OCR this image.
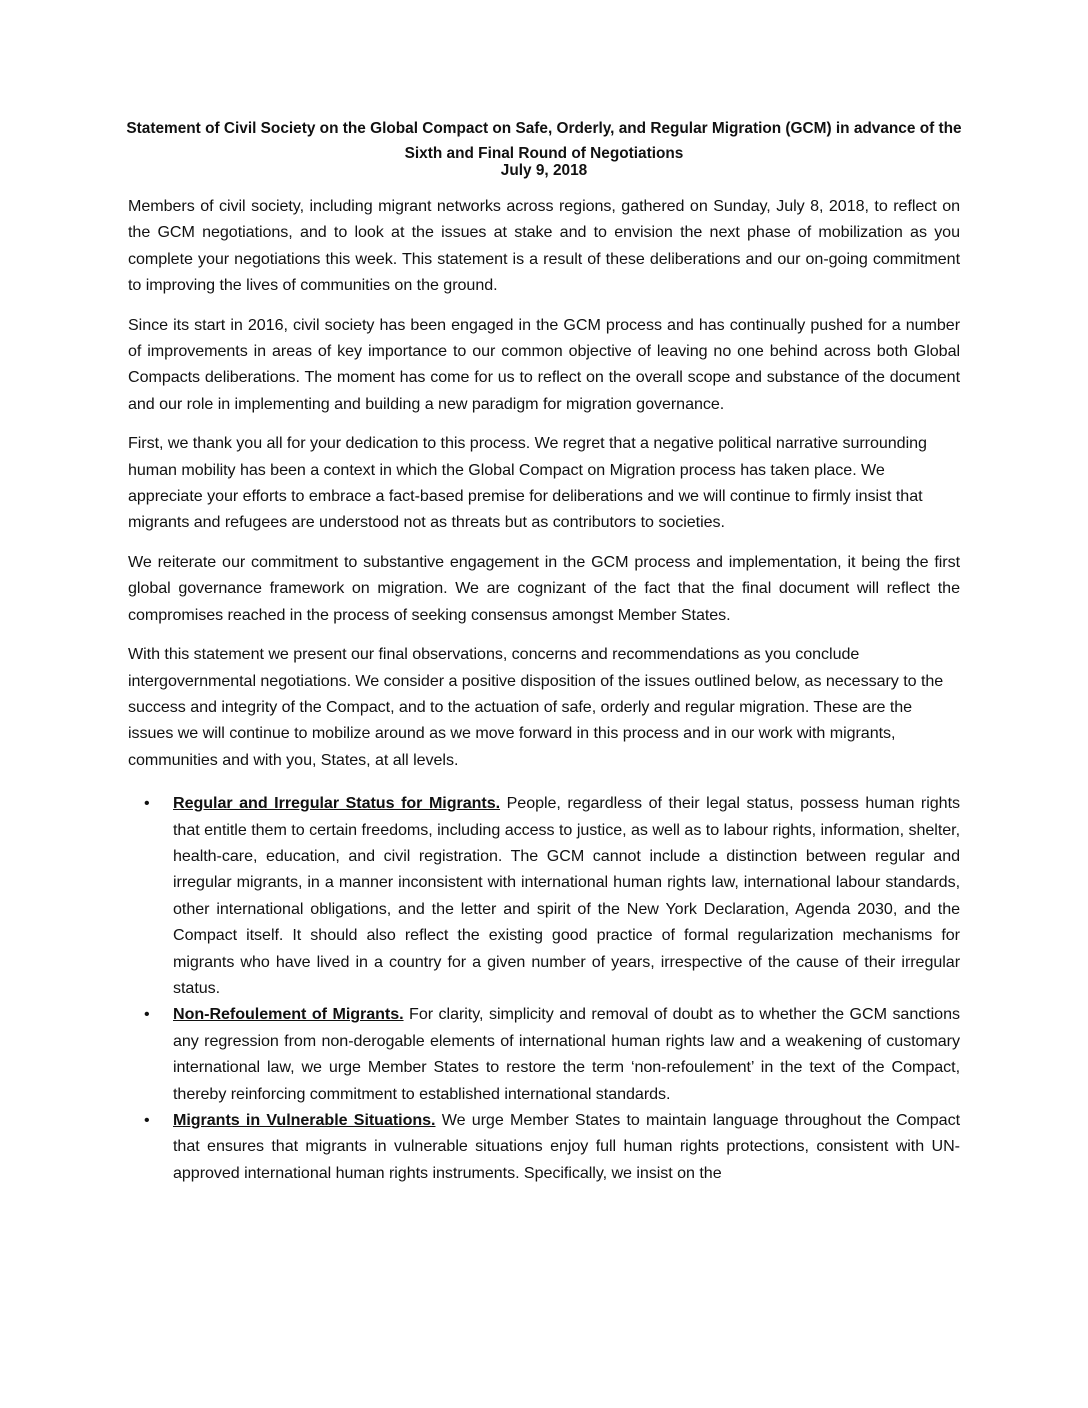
Statement of Civil Society on the Global Compact on Safe, Orderly, and Regular Migration (GCM) in advance of the Sixth and Final Round of Negotiations
July 9, 2018

Members of civil society, including migrant networks across regions, gathered on Sunday, July 8, 2018, to reflect on the GCM negotiations, and to look at the issues at stake and to envision the next phase of mobilization as you complete your negotiations this week. This statement is a result of these deliberations and our on-going commitment to improving the lives of communities on the ground.

Since its start in 2016, civil society has been engaged in the GCM process and has continually pushed for a number of improvements in areas of key importance to our common objective of leaving no one behind across both Global Compacts deliberations. The moment has come for us to reflect on the overall scope and substance of the document and our role in implementing and building a new paradigm for migration governance.

First, we thank you all for your dedication to this process. We regret that a negative political narrative surrounding human mobility has been a context in which the Global Compact on Migration process has taken place. We appreciate your efforts to embrace a fact-based premise for deliberations and we will continue to firmly insist that migrants and refugees are understood not as threats but as contributors to societies.

We reiterate our commitment to substantive engagement in the GCM process and implementation, it being the first global governance framework on migration. We are cognizant of the fact that the final document will reflect the compromises reached in the process of seeking consensus amongst Member States.

With this statement we present our final observations, concerns and recommendations as you conclude intergovernmental negotiations. We consider a positive disposition of the issues outlined below, as necessary to the success and integrity of the Compact, and to the actuation of safe, orderly and regular migration. These are the issues we will continue to mobilize around as we move forward in this process and in our work with migrants, communities and with you, States, at all levels.

• Regular and Irregular Status for Migrants. People, regardless of their legal status, possess human rights that entitle them to certain freedoms, including access to justice, as well as to labour rights, information, shelter, health-care, education, and civil registration. The GCM cannot include a distinction between regular and irregular migrants, in a manner inconsistent with international human rights law, international labour standards, other international obligations, and the letter and spirit of the New York Declaration, Agenda 2030, and the Compact itself. It should also reflect the existing good practice of formal regularization mechanisms for migrants who have lived in a country for a given number of years, irrespective of the cause of their irregular status.
• Non-Refoulement of Migrants. For clarity, simplicity and removal of doubt as to whether the GCM sanctions any regression from non-derogable elements of international human rights law and a weakening of customary international law, we urge Member States to restore the term ‘non-refoulement’ in the text of the Compact, thereby reinforcing commitment to established international standards.
• Migrants in Vulnerable Situations. We urge Member States to maintain language throughout the Compact that ensures that migrants in vulnerable situations enjoy full human rights protections, consistent with UN-approved international human rights instruments. Specifically, we insist on the
